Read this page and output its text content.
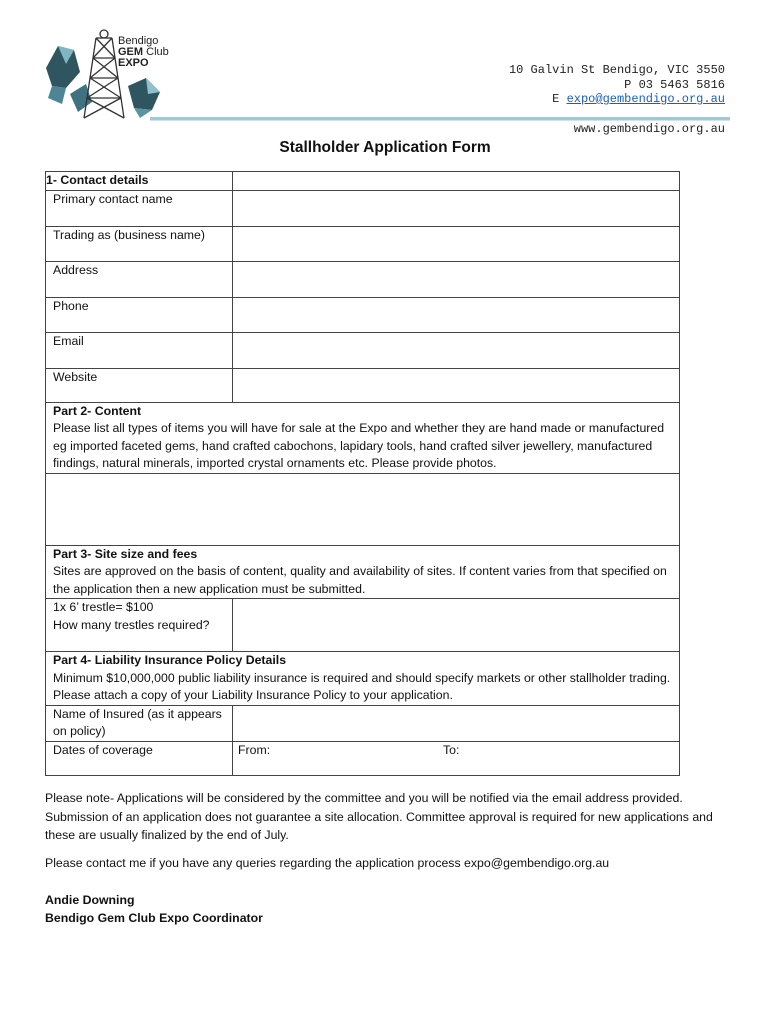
Bendigo
GEM Club
EXPO	10 Galvin St Bendigo, VIC 3550
P 03 5463 5816
E expo@gembendigo.org.au
www.gembendigo.org.au
Stallholder Application Form
1- Contact details	
Primary contact name	
Trading as (business name)	
Address	
Phone	
Email	
Website	

Part 2- Content
Please list all types of items you will have for sale at the Expo and whether they are hand made or manufactured eg imported faceted gems, hand crafted cabochons, lapidary tools, hand crafted silver jewellery, manufactured findings, natural minerals, imported crystal ornaments etc. Please provide photos.	

Part 3- Site size and fees
Sites are approved on the basis of content, quality and availability of sites. If content varies from that specified on the application then a new application must be submitted.	

1x 6’ trestle= $100
How many trestles required?	

Part 4- Liability Insurance Policy Details
Minimum $10,000,000 public liability insurance is required and should specify markets or other stallholder trading. Please attach a copy of your Liability Insurance Policy to your application.	

Name of Insured (as it appears on policy)	
Dates of coverage	From: To:

Please note- Applications will be considered by the committee and you will be notified via the email address provided. Submission of an application does not guarantee a site allocation. Committee approval is required for new applications and these are usually finalized by the end of July.

Please contact me if you have any queries regarding the application process expo@gembendigo.org.au

Andie Downing
Bendigo Gem Club Expo Coordinator
